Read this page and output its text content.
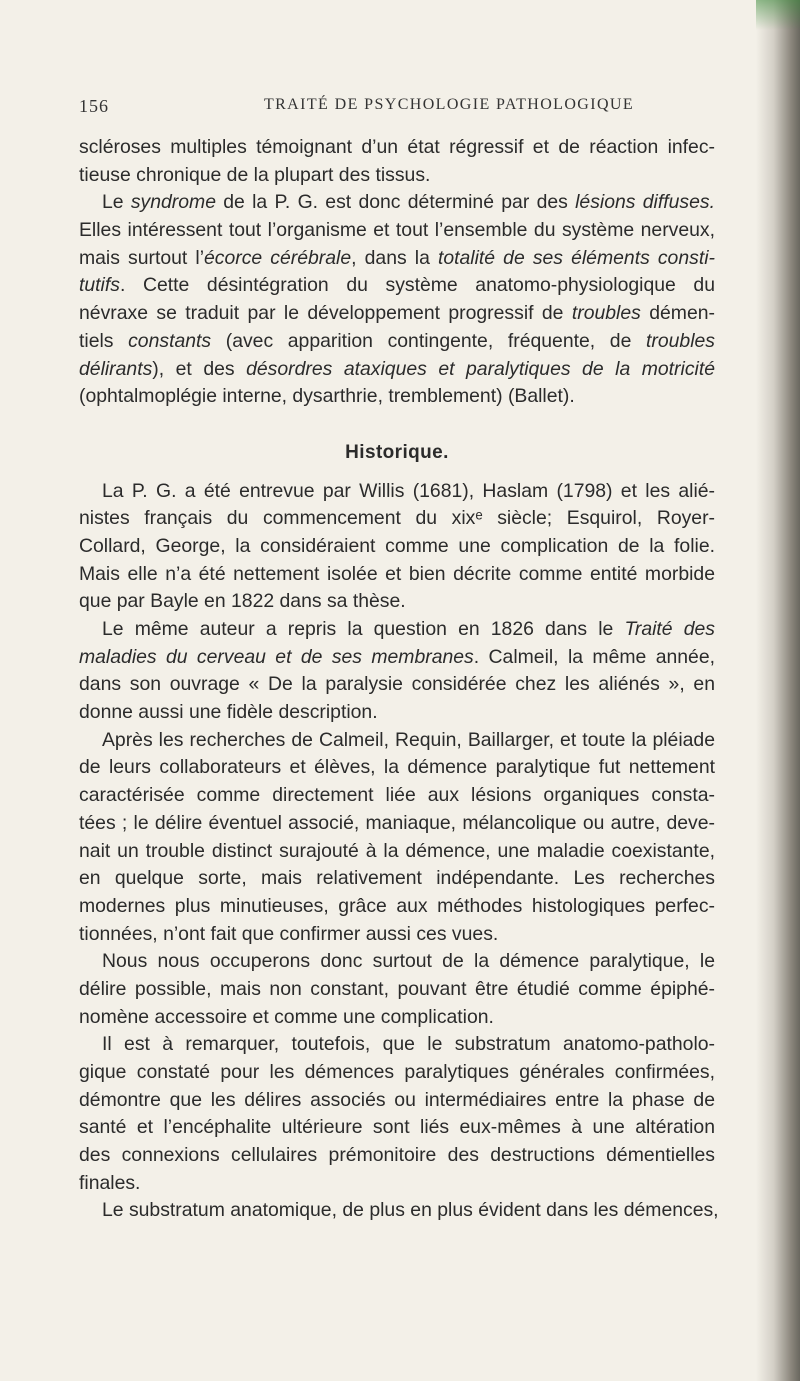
156	TRAITÉ DE PSYCHOLOGIE PATHOLOGIQUE
scléroses multiples témoignant d’un état régressif et de réaction infec-
tieuse chronique de la plupart des tissus.
Le syndrome de la P. G. est donc déterminé par des lésions diffuses.
Elles intéressent tout l’organisme et tout l’ensemble du système nerveux,
mais surtout l’écorce cérébrale, dans la totalité de ses éléments consti-
tutifs. Cette désintégration du système anatomo-physiologique du
névraxe se traduit par le développement progressif de troubles démen-
tiels constants (avec apparition contingente, fréquente, de troubles
délirants), et des désordres ataxiques et paralytiques de la motricité
(ophtalmoplégie interne, dysarthrie, tremblement) (Ballet).
Historique.
La P. G. a été entrevue par Willis (1681), Haslam (1798) et les alié-
nistes français du commencement du xixᵉ siècle; Esquirol, Royer-
Collard, George, la considéraient comme une complication de la folie.
Mais elle n’a été nettement isolée et bien décrite comme entité morbide
que par Bayle en 1822 dans sa thèse.
Le même auteur a repris la question en 1826 dans le Traité des
maladies du cerveau et de ses membranes. Calmeil, la même année,
dans son ouvrage « De la paralysie considérée chez les aliénés », en
donne aussi une fidèle description.
Après les recherches de Calmeil, Requin, Baillarger, et toute la pléiade
de leurs collaborateurs et élèves, la démence paralytique fut nettement
caractérisée comme directement liée aux lésions organiques consta-
tées ; le délire éventuel associé, maniaque, mélancolique ou autre, deve-
nait un trouble distinct surajouté à la démence, une maladie coexistante,
en quelque sorte, mais relativement indépendante. Les recherches
modernes plus minutieuses, grâce aux méthodes histologiques perfec-
tionnées, n’ont fait que confirmer aussi ces vues.
Nous nous occuperons donc surtout de la démence paralytique, le
délire possible, mais non constant, pouvant être étudié comme épiphé-
nomène accessoire et comme une complication.
Il est à remarquer, toutefois, que le substratum anatomo-patholo-
gique constaté pour les démences paralytiques générales confirmées,
démontre que les délires associés ou intermédiaires entre la phase de
santé et l’encéphalite ultérieure sont liés eux-mêmes à une altération
des connexions cellulaires prémonitoire des destructions démentielles
finales.
Le substratum anatomique, de plus en plus évident dans les démences,
